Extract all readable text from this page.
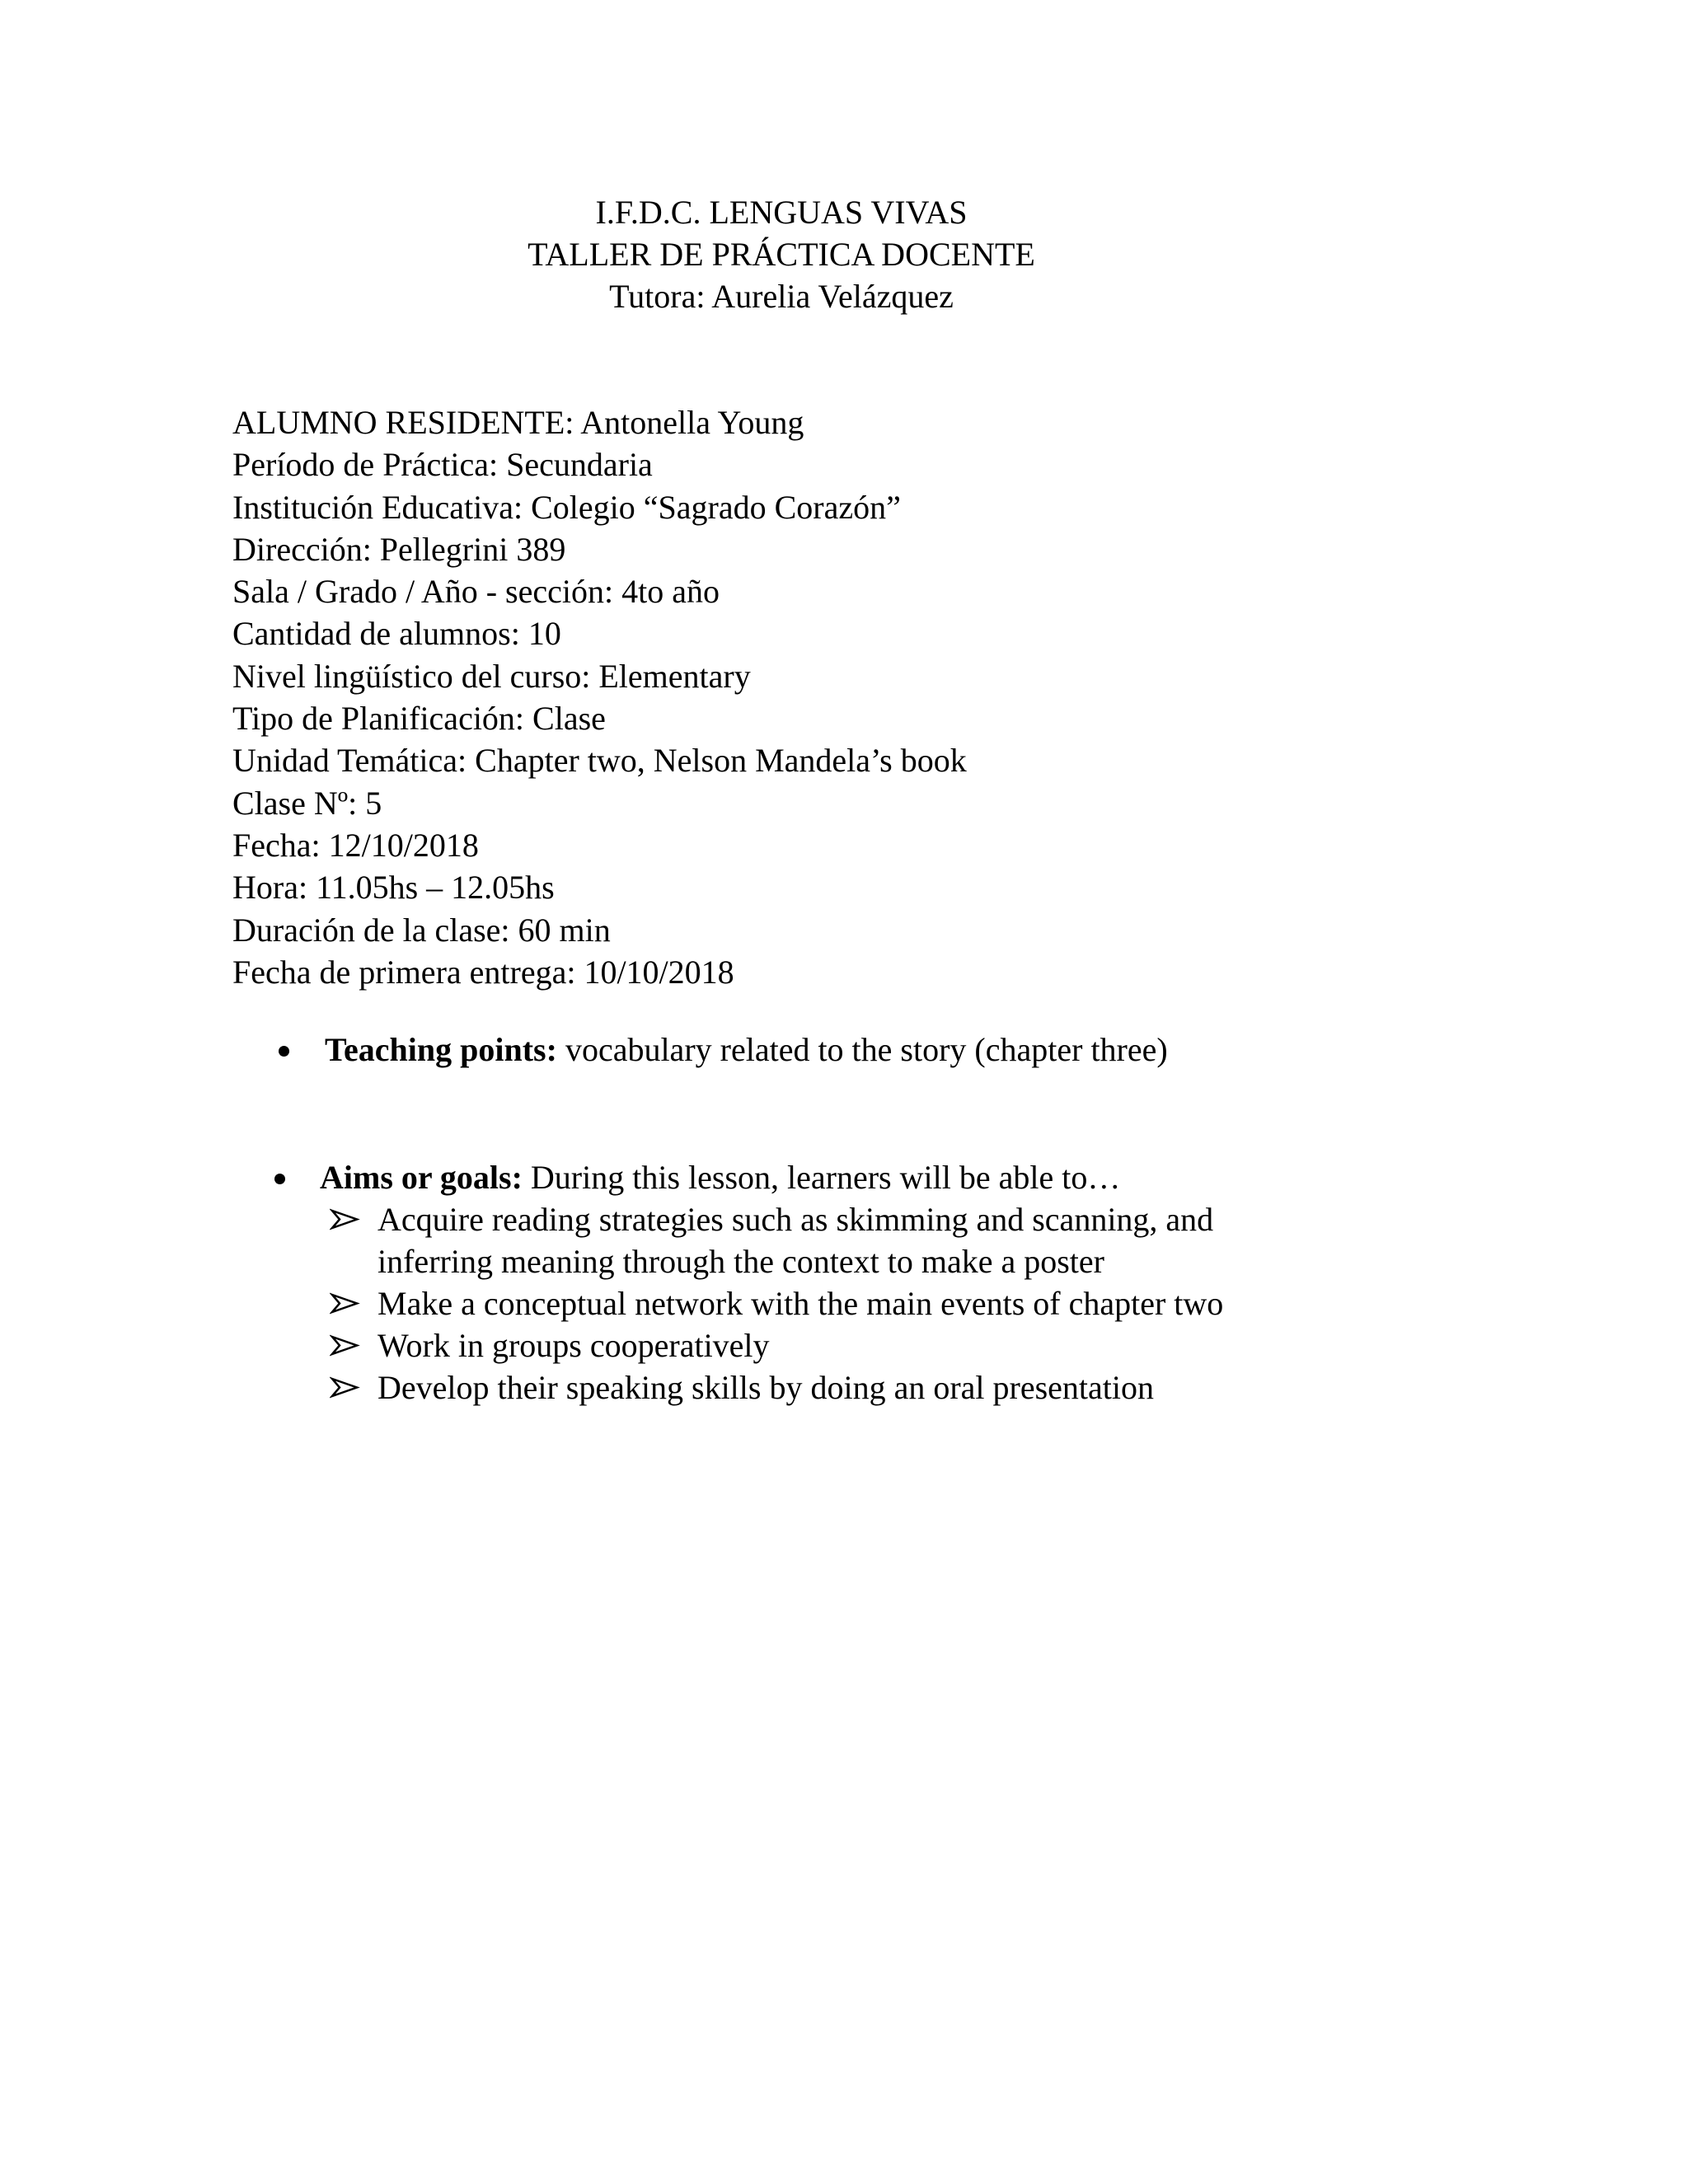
I.F.D.C. LENGUAS VIVAS
TALLER DE PRÁCTICA DOCENTE
Tutora: Aurelia Velázquez
ALUMNO RESIDENTE: Antonella Young
Período de Práctica: Secundaria
Institución Educativa: Colegio “Sagrado Corazón”
Dirección: Pellegrini 389
Sala / Grado / Año - sección: 4to año
Cantidad de alumnos: 10
Nivel lingüístico del curso: Elementary
Tipo de Planificación: Clase
Unidad Temática: Chapter two, Nelson Mandela’s book
Clase Nº: 5
Fecha: 12/10/2018
Hora: 11.05hs – 12.05hs
Duración de la clase: 60 min
Fecha de primera entrega: 10/10/2018
Teaching points: vocabulary related to the story (chapter three)
Aims or goals: During this lesson, learners will be able to…
Acquire reading strategies such as skimming and scanning, and
inferring meaning through the context to make a poster
Make a conceptual network with the main events of chapter two
Work in groups cooperatively
Develop their speaking skills by doing an oral presentation
